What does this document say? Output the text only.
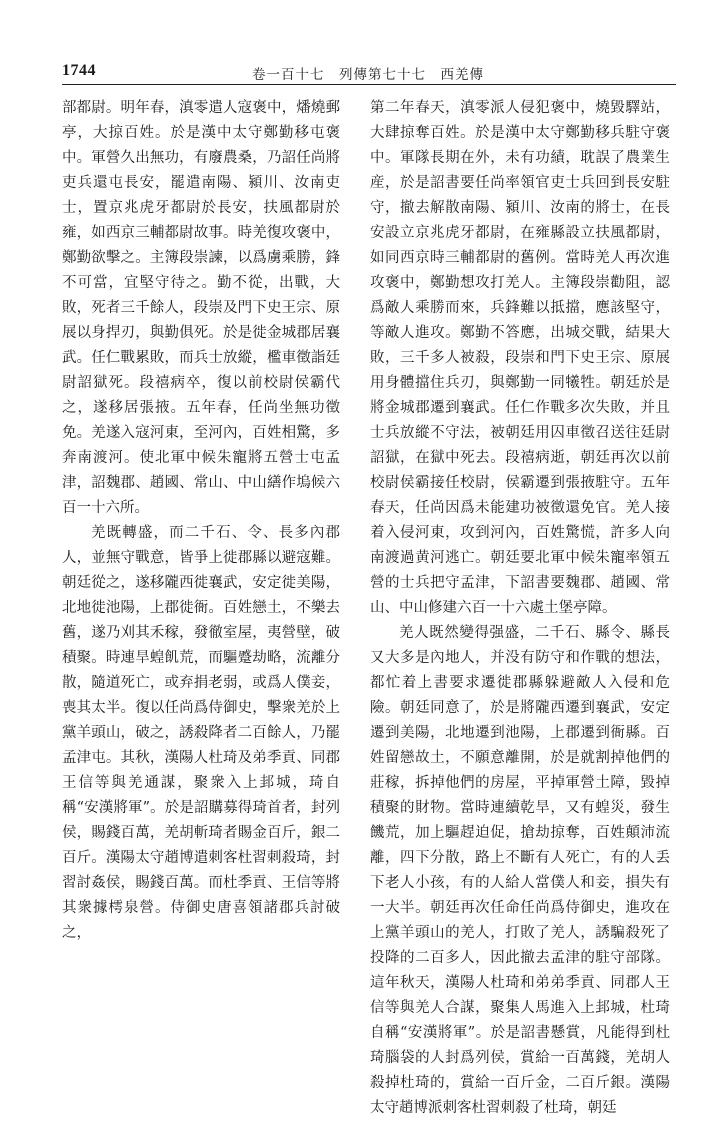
1744	卷一百十七　列傳第七十七　西羌傳

部都尉。明年春，滇零遣人寇褒中，燔燒郵亭，大掠百姓。於是漢中太守鄭勤移屯褒中。軍營久出無功，有廢農桑，乃詔任尚將吏兵還屯長安，罷遣南陽、潁川、汝南吏士，置京兆虎牙都尉於長安，扶風都尉於雍，如西京三輔都尉故事。時羌復攻褒中，鄭勤欲擊之。主簿段崇諫，以爲虜乘勝，鋒不可當，宜堅守待之。勤不從，出戰，大敗，死者三千餘人，段崇及門下史王宗、原展以身捍刃，與勤俱死。於是徙金城郡居襄武。任仁戰累敗，而兵士放縱，檻車徵詣廷尉詔獄死。段禧病卒，復以前校尉侯霸代之，遂移居張掖。五年春，任尚坐無功徵免。羌遂入寇河東，至河內，百姓相驚，多奔南渡河。使北軍中候朱寵將五營士屯孟津，詔魏郡、趙國、常山、中山繕作塢候六百一十六所。

羌既轉盛，而二千石、令、長多內郡人，並無守戰意，皆爭上徙郡縣以避寇難。朝廷從之，遂移隴西徙襄武，安定徙美陽，北地徙池陽，上郡徙衙。百姓戀土，不樂去舊，遂乃刈其禾稼，發徹室屋，夷營壁，破積聚。時連旱蝗飢荒，而驅蹙劫略，流離分散，隨道死亡，或弃捐老弱，或爲人僕妾，喪其太半。復以任尚爲侍御史，擊衆羌於上黨羊頭山，破之，誘殺降者二百餘人，乃罷孟津屯。其秋，漢陽人杜琦及弟季貢、同郡王信等與羌通謀，聚衆入上邽城，琦自稱“安漢將軍”。於是詔購募得琦首者，封列侯，賜錢百萬，羌胡斬琦者賜金百斤，銀二百斤。漢陽太守趙博遣刺客杜習刺殺琦，封習討姦侯，賜錢百萬。而杜季貢、王信等將其衆據樗泉營。侍御史唐喜領諸郡兵討破之，

第二年春天，滇零派人侵犯褒中，燒毀驛站，大肆掠奪百姓。於是漢中太守鄭勤移兵駐守褒中。軍隊長期在外，未有功績，耽誤了農業生産，於是詔書要任尚率領官吏士兵回到長安駐守，撤去解散南陽、潁川、汝南的將士，在長安設立京兆虎牙都尉，在雍縣設立扶風都尉，如同西京時三輔都尉的舊例。當時羌人再次進攻褒中，鄭勤想攻打羌人。主簿段崇勸阻，認爲敵人乘勝而來，兵鋒難以抵擋，應該堅守，等敵人進攻。鄭勤不答應，出城交戰，結果大敗，三千多人被殺，段崇和門下史王宗、原展用身體擋住兵刃，與鄭勤一同犧牲。朝廷於是將金城郡遷到襄武。任仁作戰多次失敗，并且士兵放縱不守法，被朝廷用囚車徵召送往廷尉詔獄，在獄中死去。段禧病逝，朝廷再次以前校尉侯霸接任校尉，侯霸遷到張掖駐守。五年春天，任尚因爲未能建功被徵還免官。羌人接着入侵河東，攻到河內，百姓驚慌，許多人向南渡過黄河逃亡。朝廷要北軍中候朱寵率領五營的士兵把守孟津，下詔書要魏郡、趙國、常山、中山修建六百一十六處土堡亭障。

羌人既然變得强盛，二千石、縣令、縣長又大多是內地人，并没有防守和作戰的想法，都忙着上書要求遷徙郡縣躲避敵人入侵和危險。朝廷同意了，於是將隴西遷到襄武，安定遷到美陽，北地遷到池陽，上郡遷到衙縣。百姓留戀故土，不願意離開，於是就割掉他們的莊稼，拆掉他們的房屋，平掉軍營土障，毀掉積聚的財物。當時連續乾旱，又有蝗災，發生饑荒，加上驅趕迫促，搶劫掠奪，百姓顛沛流離，四下分散，路上不斷有人死亡，有的人丢下老人小孩，有的人給人當僕人和妾，損失有一大半。朝廷再次任命任尚爲侍御史，進攻在上黨羊頭山的羌人，打敗了羌人，誘騙殺死了投降的二百多人，因此撤去孟津的駐守部隊。這年秋天，漢陽人杜琦和弟弟季貢、同郡人王信等與羌人合謀，聚集人馬進入上邽城，杜琦自稱“安漢將軍”。於是詔書懸賞，凡能得到杜琦腦袋的人封爲列侯，賞給一百萬錢，羌胡人殺掉杜琦的，賞給一百斤金，二百斤銀。漢陽太守趙博派刺客杜習刺殺了杜琦，朝廷
